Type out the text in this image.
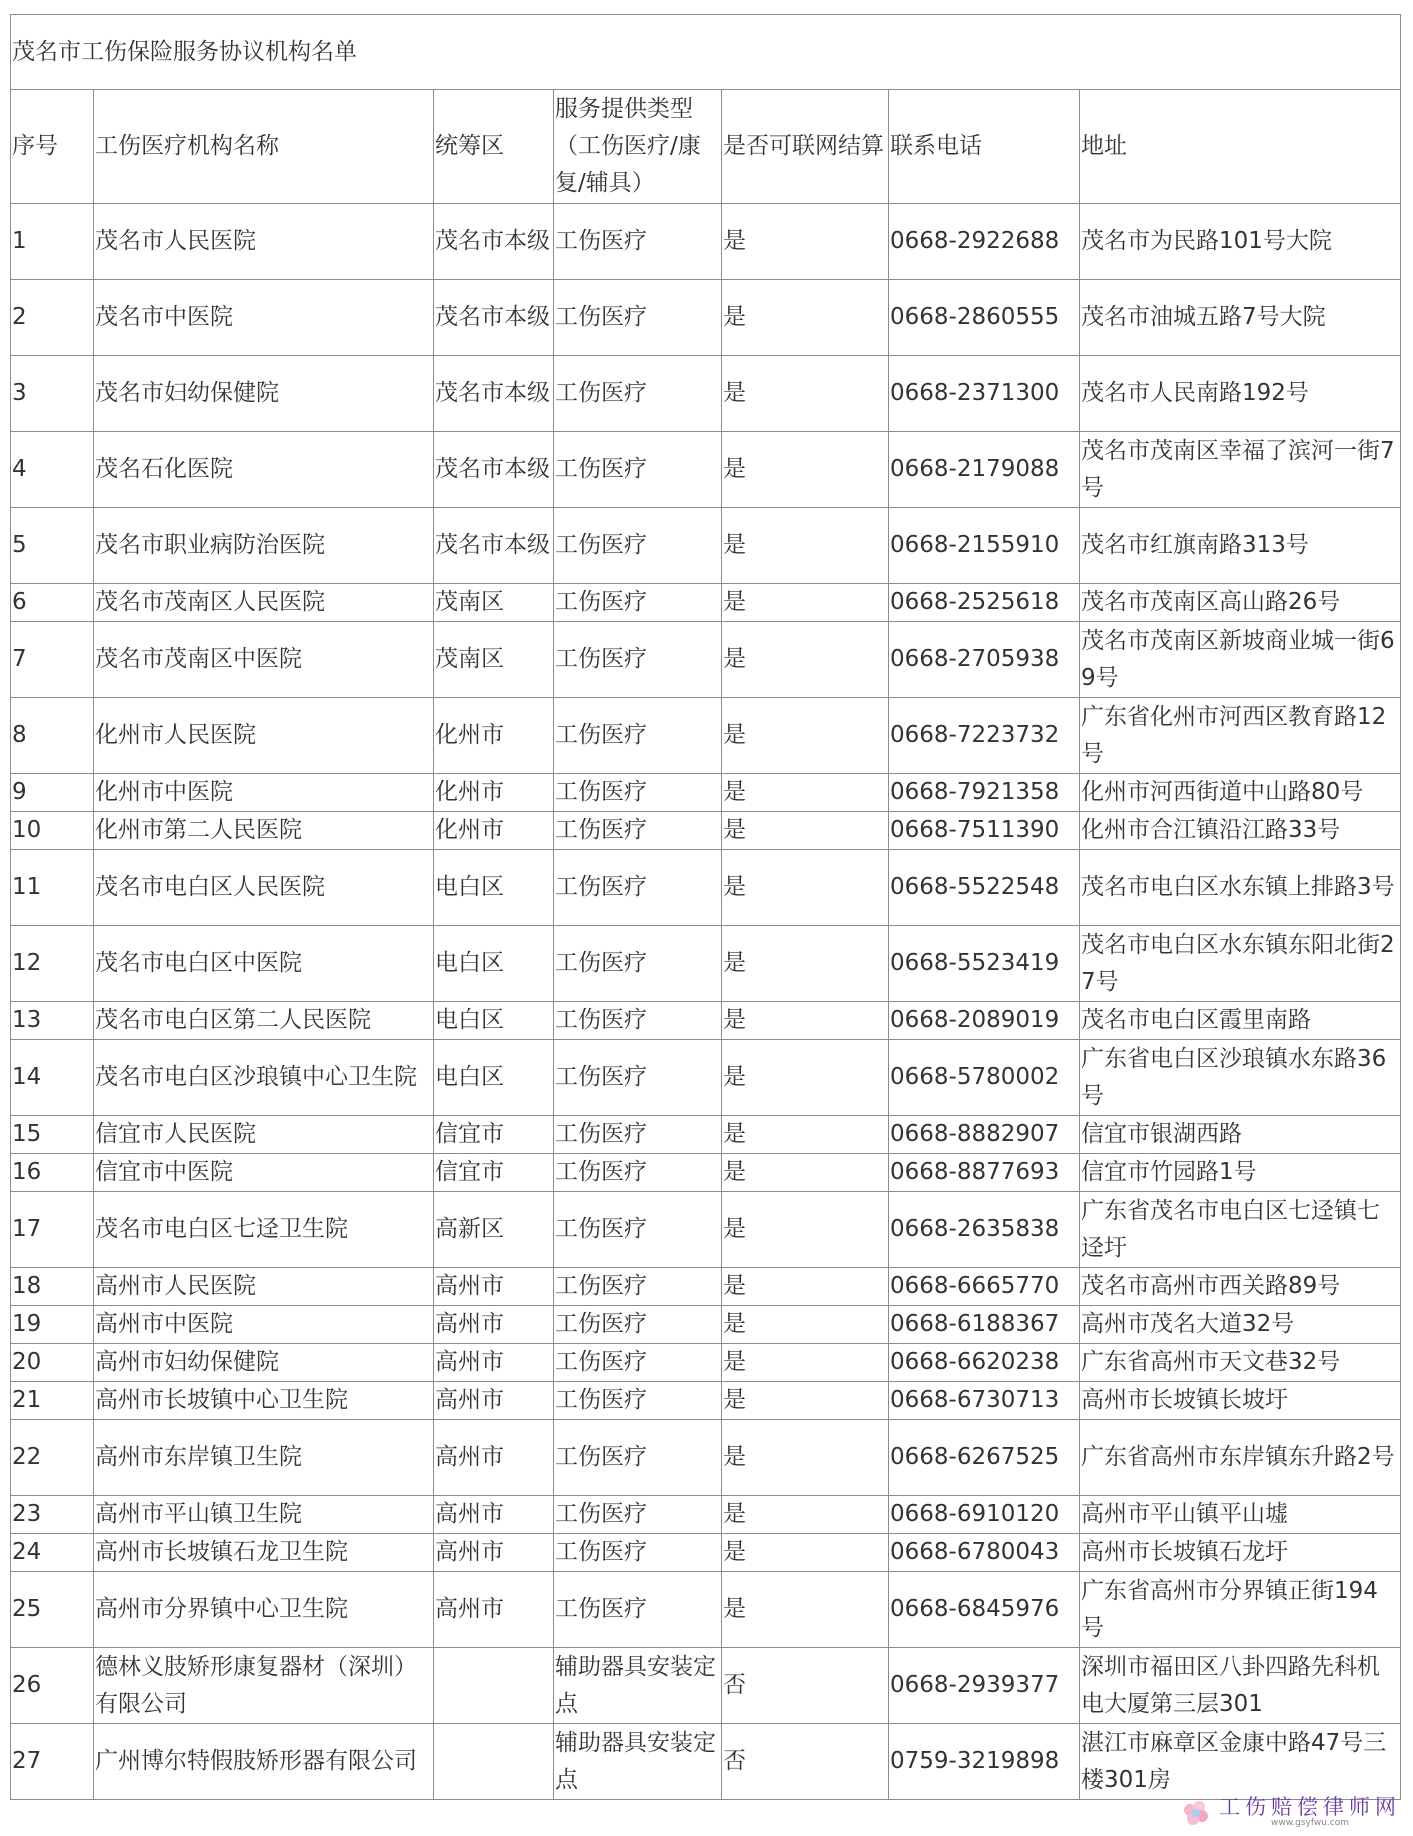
茂名市工伤保险服务协议机构名单						
序号	工伤医疗机构名称	统筹区	服务提供类型（工伤医疗/康复/辅具）	是否可联网结算	联系电话	地址
1	茂名市人民医院	茂名市本级	工伤医疗	是	0668-2922688	茂名市为民路101号大院
2	茂名市中医院	茂名市本级	工伤医疗	是	0668-2860555	茂名市油城五路7号大院
3	茂名市妇幼保健院	茂名市本级	工伤医疗	是	0668-2371300	茂名市人民南路192号
4	茂名石化医院	茂名市本级	工伤医疗	是	0668-2179088	茂名市茂南区幸福了滨河一街7号
5	茂名市职业病防治医院	茂名市本级	工伤医疗	是	0668-2155910	茂名市红旗南路313号
6	茂名市茂南区人民医院	茂南区	工伤医疗	是	0668-2525618	茂名市茂南区高山路26号
7	茂名市茂南区中医院	茂南区	工伤医疗	是	0668-2705938	茂名市茂南区新坡商业城一街69号
8	化州市人民医院	化州市	工伤医疗	是	0668-7223732	广东省化州市河西区教育路12号
9	化州市中医院	化州市	工伤医疗	是	0668-7921358	化州市河西街道中山路80号
10	化州市第二人民医院	化州市	工伤医疗	是	0668-7511390	化州市合江镇沿江路33号
11	茂名市电白区人民医院	电白区	工伤医疗	是	0668-5522548	茂名市电白区水东镇上排路3号
12	茂名市电白区中医院	电白区	工伤医疗	是	0668-5523419	茂名市电白区水东镇东阳北街27号
13	茂名市电白区第二人民医院	电白区	工伤医疗	是	0668-2089019	茂名市电白区霞里南路
14	茂名市电白区沙琅镇中心卫生院	电白区	工伤医疗	是	0668-5780002	广东省电白区沙琅镇水东路36号
15	信宜市人民医院	信宜市	工伤医疗	是	0668-8882907	信宜市银湖西路
16	信宜市中医院	信宜市	工伤医疗	是	0668-8877693	信宜市竹园路1号
17	茂名市电白区七迳卫生院	高新区	工伤医疗	是	0668-2635838	广东省茂名市电白区七迳镇七迳圩
18	高州市人民医院	高州市	工伤医疗	是	0668-6665770	茂名市高州市西关路89号
19	高州市中医院	高州市	工伤医疗	是	0668-6188367	高州市茂名大道32号
20	高州市妇幼保健院	高州市	工伤医疗	是	0668-6620238	广东省高州市天文巷32号
21	高州市长坡镇中心卫生院	高州市	工伤医疗	是	0668-6730713	高州市长坡镇长坡圩
22	高州市东岸镇卫生院	高州市	工伤医疗	是	0668-6267525	广东省高州市东岸镇东升路2号
23	高州市平山镇卫生院	高州市	工伤医疗	是	0668-6910120	高州市平山镇平山墟
24	高州市长坡镇石龙卫生院	高州市	工伤医疗	是	0668-6780043	高州市长坡镇石龙圩
25	高州市分界镇中心卫生院	高州市	工伤医疗	是	0668-6845976	广东省高州市分界镇正街194号
26	德林义肢矫形康复器材（深圳）有限公司		辅助器具安装定点	否	0668-2939377	深圳市福田区八卦四路先科机电大厦第三层301
27	广州博尔特假肢矫形器有限公司		辅助器具安装定点	否	0759-3219898	湛江市麻章区金康中路47号三楼301房
工伤赔偿律师网
www.gsyfwu.com
